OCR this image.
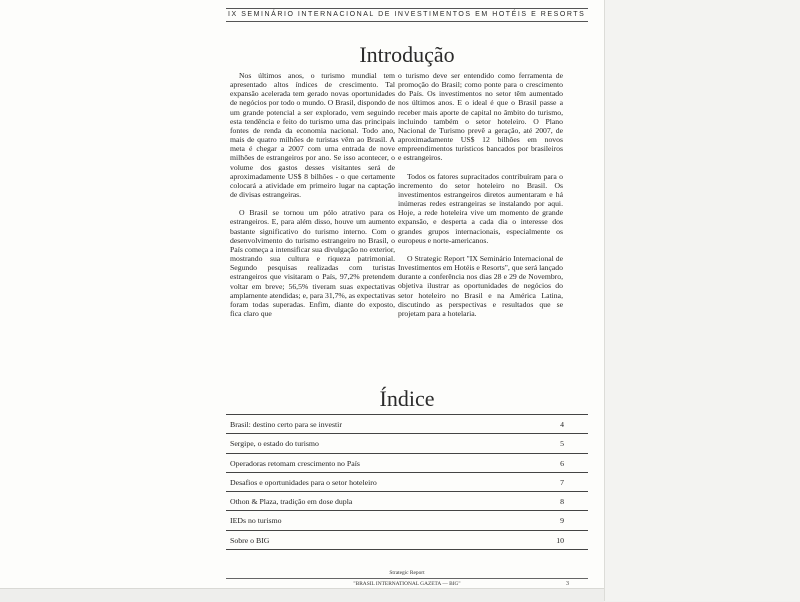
IX SEMINÁRIO INTERNACIONAL DE INVESTIMENTOS EM HOTÉIS E RESORTS
Introdução

Nos últimos anos, o turismo mundial tem apresentado altos índices de crescimento. Tal expansão acelerada tem gerado novas oportunidades de negócios por todo o mundo. O Brasil, dispondo de um grande potencial a ser explorado, vem seguindo esta tendência e feito do turismo uma das principais fontes de renda da economia nacional. Todo ano, mais de quatro milhões de turistas vêm ao Brasil. A meta é chegar a 2007 com uma entrada de nove milhões de estrangeiros por ano. Se isso acontecer, o volume dos gastos desses visitantes será de aproximadamente US$ 8 bilhões - o que certamente colocará a atividade em primeiro lugar na captação de divisas estrangeiras.

O Brasil se tornou um pólo atrativo para os estrangeiros. E, para além disso, houve um aumento bastante significativo do turismo interno. Com o desenvolvimento do turismo estrangeiro no Brasil, o País começa a intensificar sua divulgação no exterior, mostrando sua cultura e riqueza patrimonial. Segundo pesquisas realizadas com turistas estrangeiros que visitaram o País, 97,2% pretendem voltar em breve; 56,5% tiveram suas expectativas amplamente atendidas; e, para 31,7%, as expectativas foram todas superadas. Enfim, diante do exposto, fica claro que

o turismo deve ser entendido como ferramenta de promoção do Brasil; como ponte para o crescimento do País. Os investimentos no setor têm aumentado nos últimos anos. E o ideal é que o Brasil passe a receber mais aporte de capital no âmbito do turismo, incluindo também o setor hoteleiro. O Plano Nacional de Turismo prevê a geração, até 2007, de aproximadamente US$ 12 bilhões em novos empreendimentos turísticos bancados por brasileiros e estrangeiros.

Todos os fatores supracitados contribuíram para o incremento do setor hoteleiro no Brasil. Os investimentos estrangeiros diretos aumentaram e há inúmeras redes estrangeiras se instalando por aqui. Hoje, a rede hoteleira vive um momento de grande expansão, e desperta a cada dia o interesse dos grandes grupos internacionais, especialmente os europeus e norte-americanos.

O Strategic Report "IX Seminário Internacional de Investimentos em Hotéis e Resorts", que será lançado durante a conferência nos dias 28 e 29 de Novembro, objetiva ilustrar as oportunidades de negócios do setor hoteleiro no Brasil e na América Latina, discutindo as perspectivas e resultados que se projetam para a hotelaria.

Índice
Brasil: destino certo para se investir	4
Sergipe, o estado do turismo	5
Operadoras retomam crescimento no País	6
Desafios e oportunidades para o setor hoteleiro	7
Othon & Plaza, tradição em dose dupla	8
IEDs no turismo	9
Sobre o BIG	10
Strategic Report
"BRASIL INTERNATIONAL GAZETA — BIG"	3
